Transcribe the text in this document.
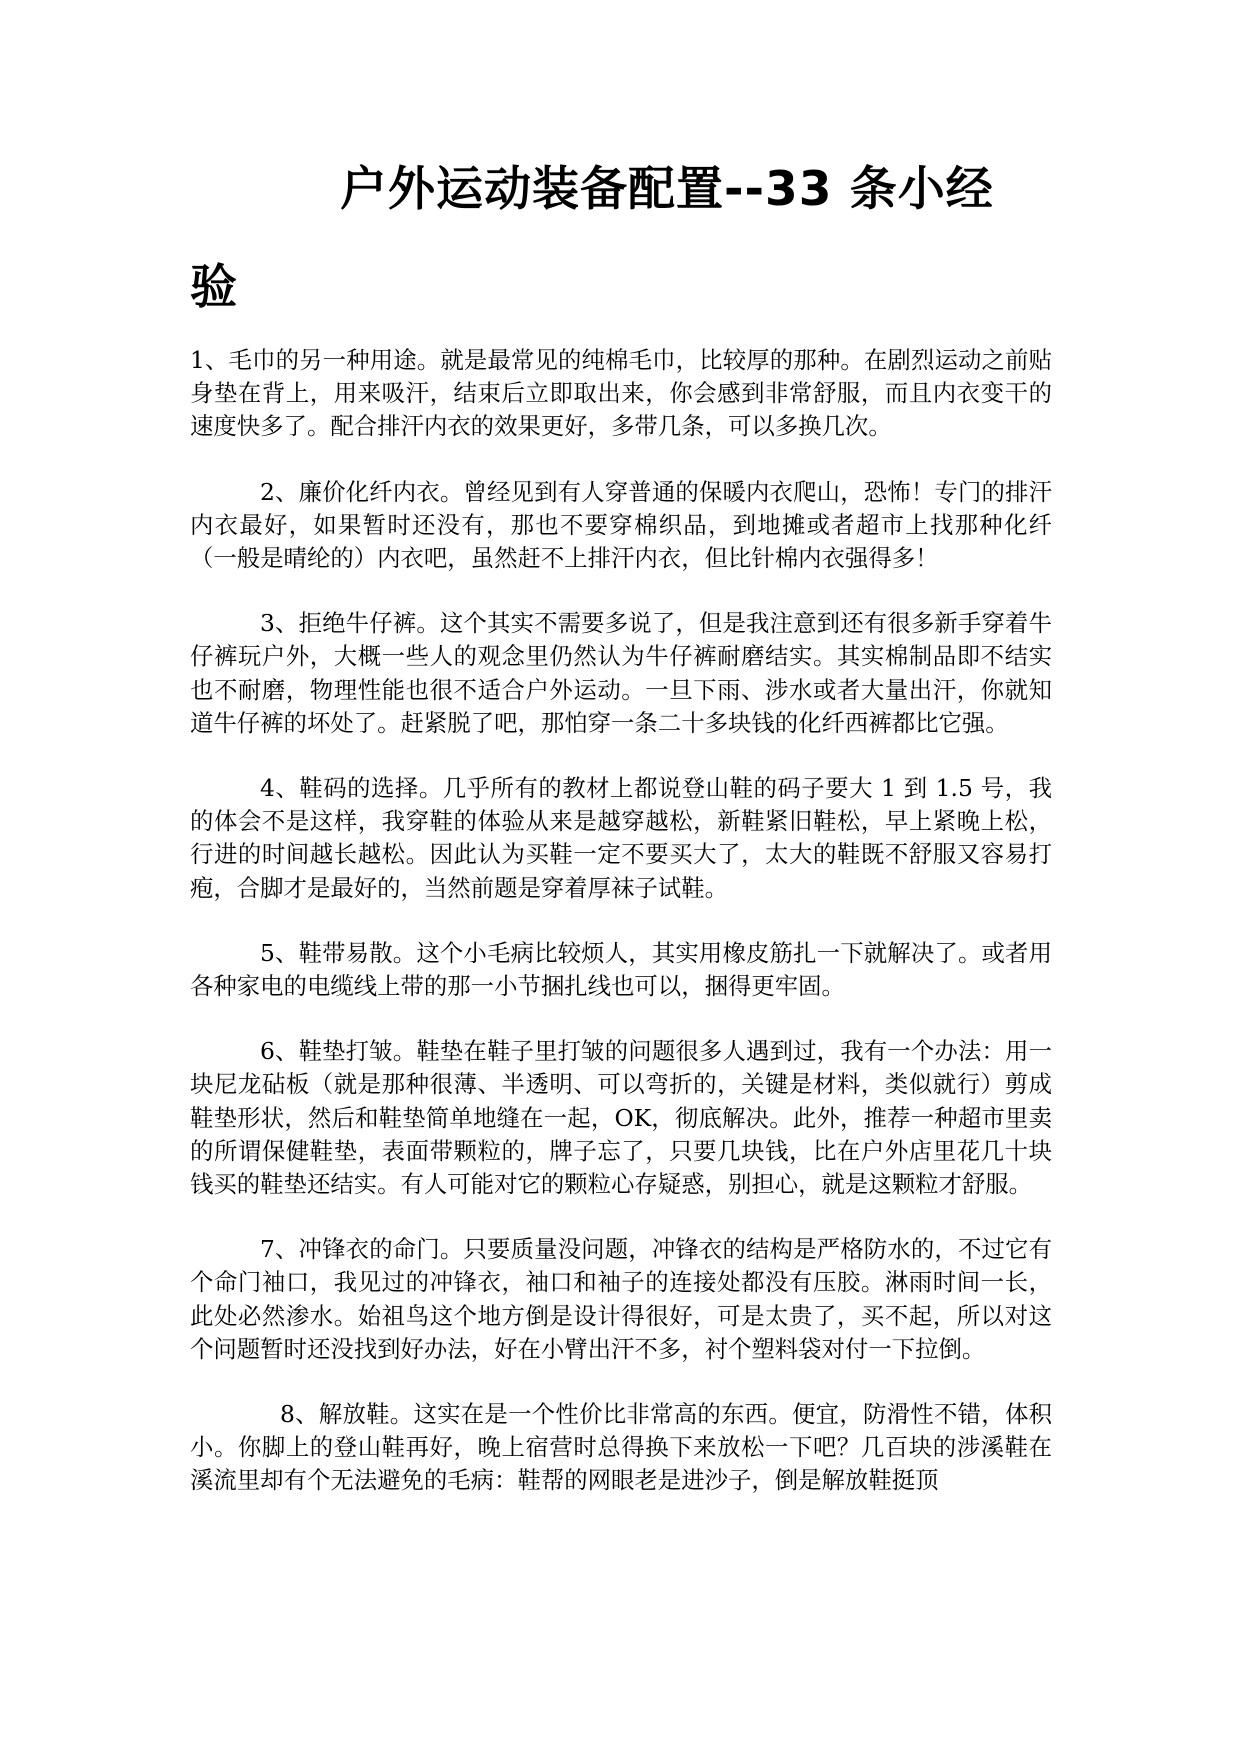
户外运动装备配置--33 条小经
验

1、毛巾的另一种用途。就是最常见的纯棉毛巾，比较厚的那种。在剧烈运动之前贴身垫在背上，用来吸汗，结束后立即取出来，你会感到非常舒服，而且内衣变干的速度快多了。配合排汗内衣的效果更好，多带几条，可以多换几次。

2、廉价化纤内衣。曾经见到有人穿普通的保暖内衣爬山，恐怖！专门的排汗内衣最好，如果暂时还没有，那也不要穿棉织品，到地摊或者超市上找那种化纤（一般是晴纶的）内衣吧，虽然赶不上排汗内衣，但比针棉内衣强得多！

3、拒绝牛仔裤。这个其实不需要多说了，但是我注意到还有很多新手穿着牛仔裤玩户外，大概一些人的观念里仍然认为牛仔裤耐磨结实。其实棉制品即不结实也不耐磨，物理性能也很不适合户外运动。一旦下雨、涉水或者大量出汗，你就知道牛仔裤的坏处了。赶紧脱了吧，那怕穿一条二十多块钱的化纤西裤都比它强。

4、鞋码的选择。几乎所有的教材上都说登山鞋的码子要大 1 到 1.5 号，我的体会不是这样，我穿鞋的体验从来是越穿越松，新鞋紧旧鞋松，早上紧晚上松，行进的时间越长越松。因此认为买鞋一定不要买大了，太大的鞋既不舒服又容易打疱，合脚才是最好的，当然前题是穿着厚袜子试鞋。

5、鞋带易散。这个小毛病比较烦人，其实用橡皮筋扎一下就解决了。或者用各种家电的电缆线上带的那一小节捆扎线也可以，捆得更牢固。

6、鞋垫打皱。鞋垫在鞋子里打皱的问题很多人遇到过，我有一个办法：用一块尼龙砧板（就是那种很薄、半透明、可以弯折的，关键是材料，类似就行）剪成鞋垫形状，然后和鞋垫简单地缝在一起，OK，彻底解决。此外，推荐一种超市里卖的所谓保健鞋垫，表面带颗粒的，牌子忘了，只要几块钱，比在户外店里花几十块钱买的鞋垫还结实。有人可能对它的颗粒心存疑惑，别担心，就是这颗粒才舒服。

7、冲锋衣的命门。只要质量没问题，冲锋衣的结构是严格防水的，不过它有个命门袖口，我见过的冲锋衣，袖口和袖子的连接处都没有压胶。淋雨时间一长，此处必然渗水。始祖鸟这个地方倒是设计得很好，可是太贵了，买不起，所以对这个问题暂时还没找到好办法，好在小臂出汗不多，衬个塑料袋对付一下拉倒。

8、解放鞋。这实在是一个性价比非常高的东西。便宜，防滑性不错，体积小。你脚上的登山鞋再好，晚上宿营时总得换下来放松一下吧？几百块的涉溪鞋在溪流里却有个无法避免的毛病：鞋帮的网眼老是进沙子，倒是解放鞋挺顶
